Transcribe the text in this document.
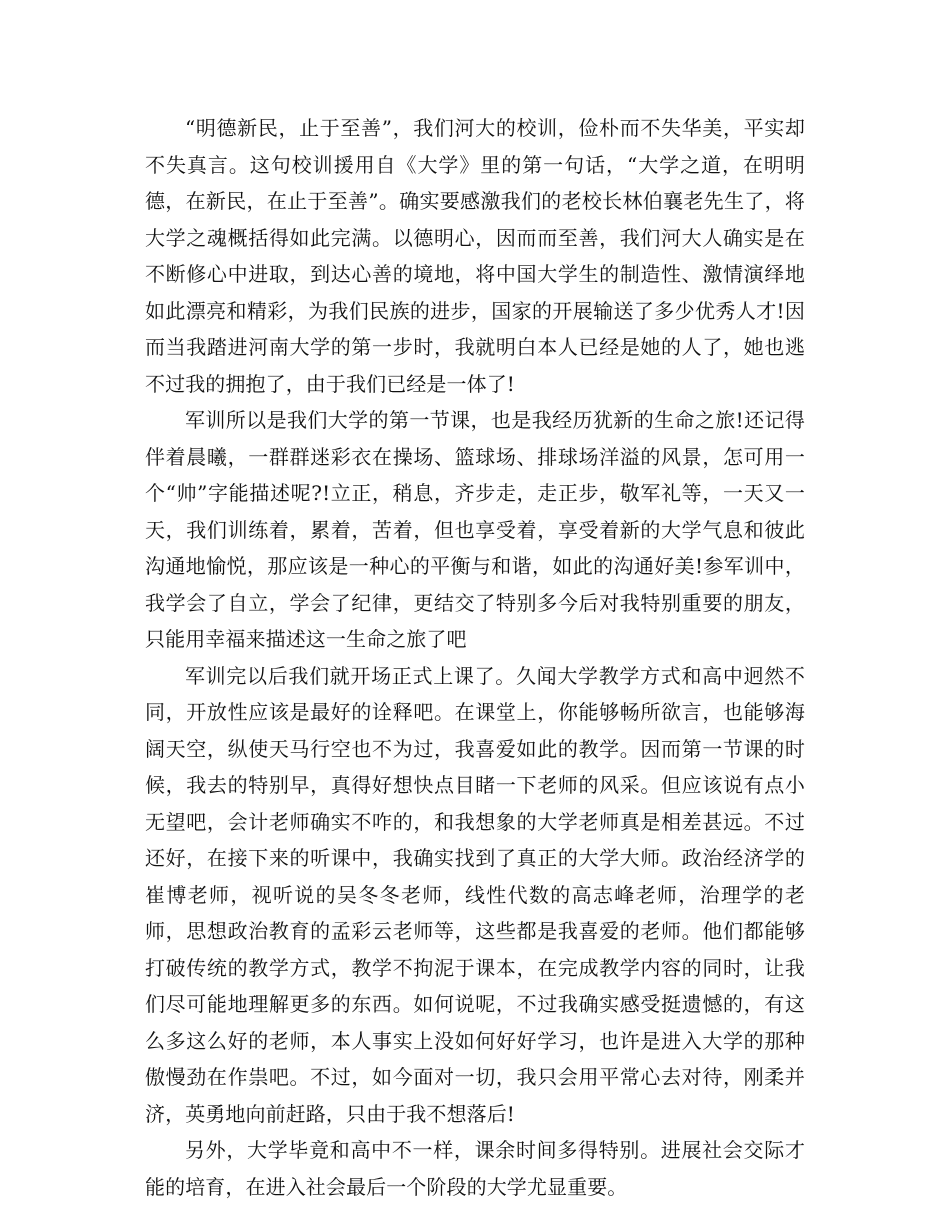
“明德新民，止于至善”，我们河大的校训，俭朴而不失华美，平实却不失真言。这句校训援用自《大学》里的第一句话，“大学之道，在明明德，在新民，在止于至善”。确实要感激我们的老校长林伯襄老先生了，将大学之魂概括得如此完满。以德明心，因而而至善，我们河大人确实是在不断修心中进取，到达心善的境地，将中国大学生的制造性、激情演绎地如此漂亮和精彩，为我们民族的进步，国家的开展输送了多少优秀人才!因而当我踏进河南大学的第一步时，我就明白本人已经是她的人了，她也逃不过我的拥抱了，由于我们已经是一体了!

军训所以是我们大学的第一节课，也是我经历犹新的生命之旅!还记得伴着晨曦，一群群迷彩衣在操场、篮球场、排球场洋溢的风景，怎可用一个“帅”字能描述呢?!立正，稍息，齐步走，走正步，敬军礼等，一天又一天，我们训练着，累着，苦着，但也享受着，享受着新的大学气息和彼此沟通地愉悦，那应该是一种心的平衡与和谐，如此的沟通好美!参军训中，我学会了自立，学会了纪律，更结交了特别多今后对我特别重要的朋友，只能用幸福来描述这一生命之旅了吧

军训完以后我们就开场正式上课了。久闻大学教学方式和高中迥然不同，开放性应该是最好的诠释吧。在课堂上，你能够畅所欲言，也能够海阔天空，纵使天马行空也不为过，我喜爱如此的教学。因而第一节课的时候，我去的特别早，真得好想快点目睹一下老师的风采。但应该说有点小无望吧，会计老师确实不咋的，和我想象的大学老师真是相差甚远。不过还好，在接下来的听课中，我确实找到了真正的大学大师。政治经济学的崔博老师，视听说的吴冬冬老师，线性代数的高志峰老师，治理学的老师，思想政治教育的孟彩云老师等，这些都是我喜爱的老师。他们都能够打破传统的教学方式，教学不拘泥于课本，在完成教学内容的同时，让我们尽可能地理解更多的东西。如何说呢，不过我确实感受挺遗憾的，有这么多这么好的老师，本人事实上没如何好好学习，也许是进入大学的那种傲慢劲在作祟吧。不过，如今面对一切，我只会用平常心去对待，刚柔并济，英勇地向前赶路，只由于我不想落后!

另外，大学毕竟和高中不一样，课余时间多得特别。进展社会交际才能的培育，在进入社会最后一个阶段的大学尤显重要。
